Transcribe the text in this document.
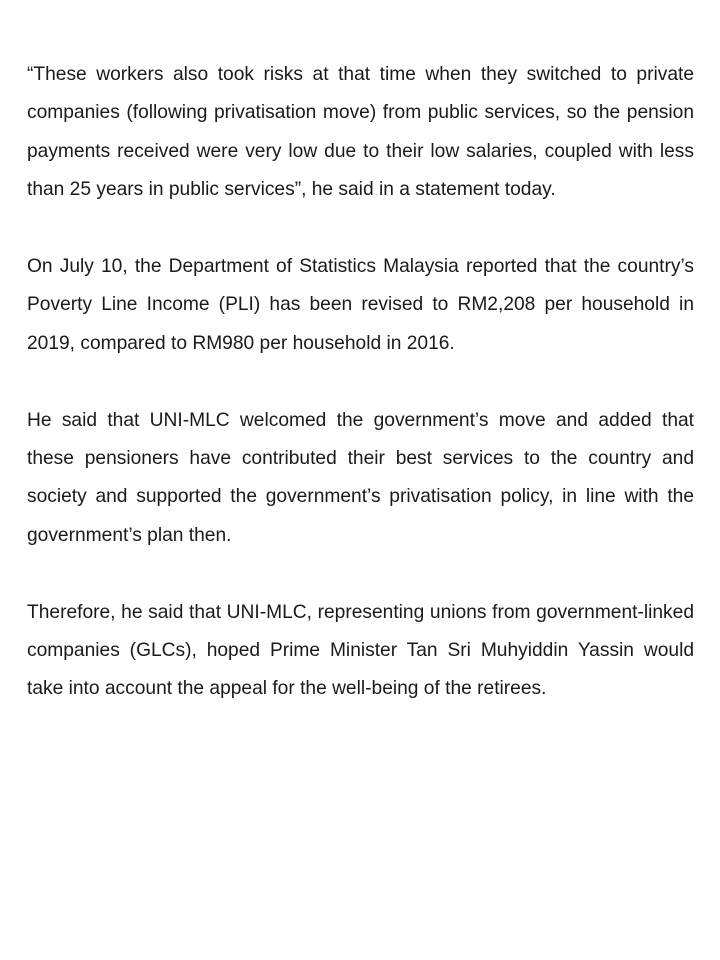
“These workers also took risks at that time when they switched to private companies (following privatisation move) from public services, so the pension payments received were very low due to their low salaries, coupled with less than 25 years in public services”, he said in a statement today.

On July 10, the Department of Statistics Malaysia reported that the country’s Poverty Line Income (PLI) has been revised to RM2,208 per household in 2019, compared to RM980 per household in 2016.

He said that UNI-MLC welcomed the government’s move and added that these pensioners have contributed their best services to the country and society and supported the government’s privatisation policy, in line with the government’s plan then.

Therefore, he said that UNI-MLC, representing unions from government-linked companies (GLCs), hoped Prime Minister Tan Sri Muhyiddin Yassin would take into account the appeal for the well-being of the retirees.
